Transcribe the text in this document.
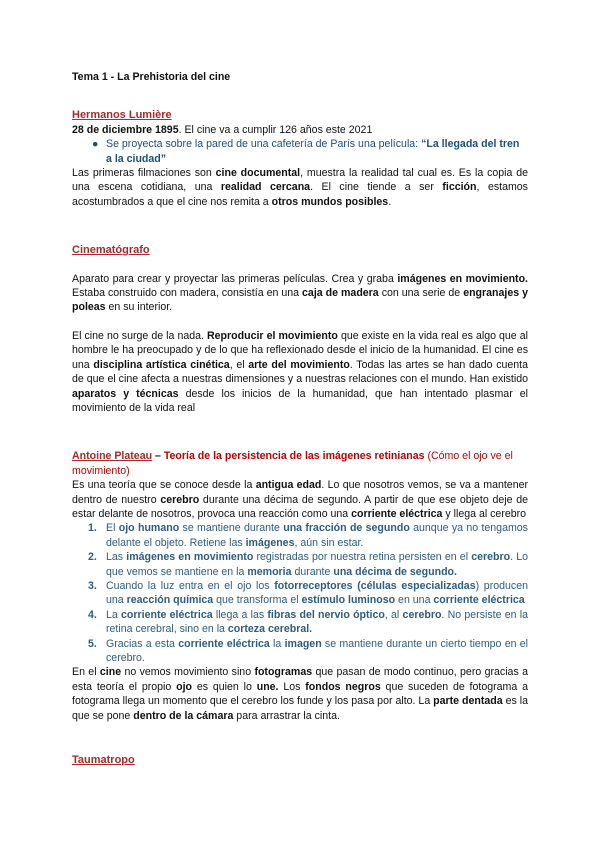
Tema 1 - La Prehistoria del cine

Hermanos Lumière

28 de diciembre 1895. El cine va a cumplir 126 años este 2021

● Se proyecta sobre la pared de una cafetería de París una película: “La llegada del tren a la ciudad”

Las primeras filmaciones son cine documental, muestra la realidad tal cual es. Es la copia de una escena cotidiana, una realidad cercana. El cine tiende a ser ficción, estamos acostumbrados a que el cine nos remita a otros mundos posibles.

Cinematógrafo

Aparato para crear y proyectar las primeras películas. Crea y graba imágenes en movimiento. Estaba construido con madera, consistía en una caja de madera con una serie de engranajes y poleas en su interior.

El cine no surge de la nada. Reproducir el movimiento que existe en la vida real es algo que al hombre le ha preocupado y de lo que ha reflexionado desde el inicio de la humanidad. El cine es una disciplina artística cinética, el arte del movimiento. Todas las artes se han dado cuenta de que el cine afecta a nuestras dimensiones y a nuestras relaciones con el mundo. Han existido aparatos y técnicas desde los inicios de la humanidad, que han intentado plasmar el movimiento de la vida real

Antoine Plateau – Teoría de la persistencia de las imágenes retinianas (Cómo el ojo ve el movimiento)

Es una teoría que se conoce desde la antigua edad. Lo que nosotros vemos, se va a mantener dentro de nuestro cerebro durante una décima de segundo. A partir de que ese objeto deje de estar delante de nosotros, provoca una reacción como una corriente eléctrica y llega al cerebro

1. El ojo humano se mantiene durante una fracción de segundo aunque ya no tengamos delante el objeto. Retiene las imágenes, aún sin estar.
2. Las imágenes en movimiento registradas por nuestra retina persisten en el cerebro. Lo que vemos se mantiene en la memoria durante una décima de segundo.
3. Cuando la luz entra en el ojo los fotorreceptores (células especializadas) producen una reacción química que transforma el estímulo luminoso en una corriente eléctrica
4. La corriente eléctrica llega a las fibras del nervio óptico, al cerebro. No persiste en la retina cerebral, sino en la corteza cerebral.
5. Gracias a esta corriente eléctrica la imagen se mantiene durante un cierto tiempo en el cerebro.

En el cine no vemos movimiento sino fotogramas que pasan de modo continuo, pero gracias a esta teoría el propio ojo es quien lo une. Los fondos negros que suceden de fotograma a fotograma llega un momento que el cerebro los funde y los pasa por alto. La parte dentada es la que se pone dentro de la cámara para arrastrar la cinta.

Taumatropo
